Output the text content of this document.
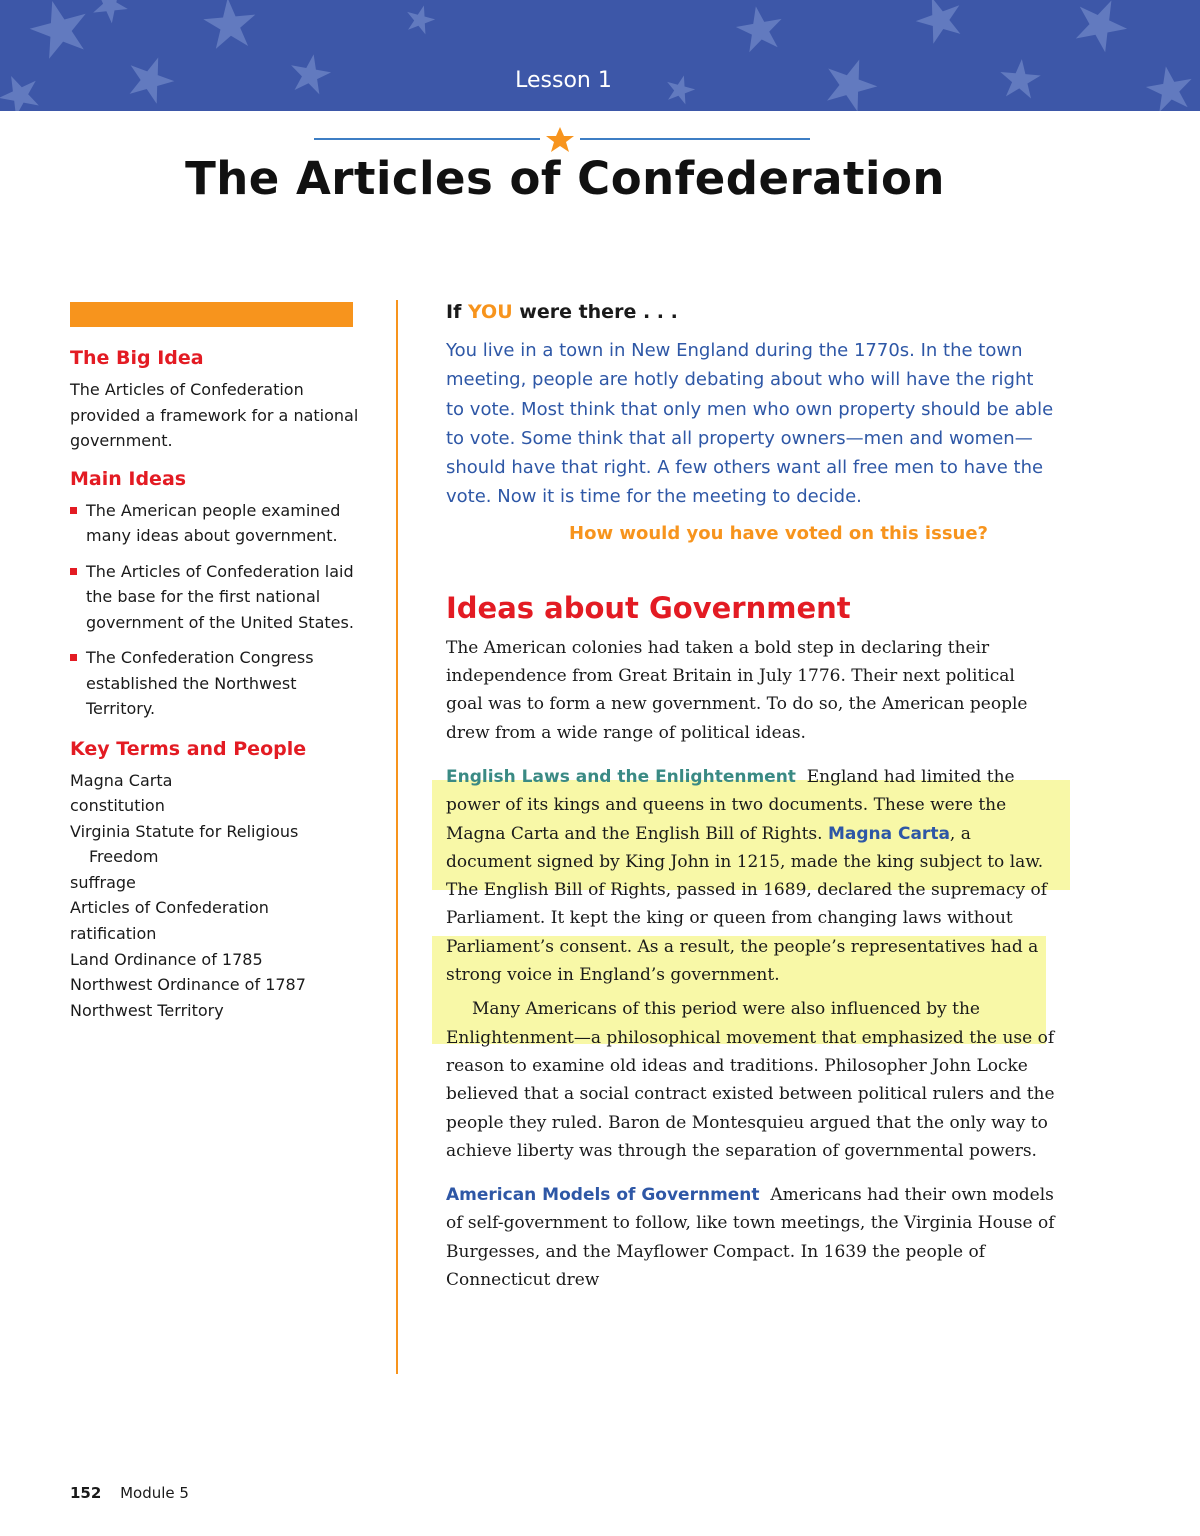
Lesson 1
The Articles of Confederation
The Big Idea

The Articles of Confederation provided a framework for a national government.

Main Ideas
The American people examined many ideas about government.
The Articles of Confederation laid the base for the first national government of the United States.
The Confederation Congress established the Northwest Territory.
Key Terms and People
Magna Carta
constitution
Virginia Statute for Religious
Freedom
suffrage
Articles of Confederation
ratification
Land Ordinance of 1785
Northwest Ordinance of 1787
Northwest Territory
If YOU were there . . .

You live in a town in New England during the 1770s. In the town meeting, people are hotly debating about who will have the right to vote. Most think that only men who own property should be able to vote. Some think that all property owners—men and women—should have that right. A few others want all free men to have the vote. Now it is time for the meeting to decide.

How would you have voted on this issue?

Ideas about Government

The American colonies had taken a bold step in declaring their independence from Great Britain in July 1776. Their next political goal was to form a new government. To do so, the American people drew from a wide range of political ideas.

English Laws and the Enlightenment England had limited the power of its kings and queens in two documents. These were the Magna Carta and the English Bill of Rights. Magna Carta, a document signed by King John in 1215, made the king subject to law. The English Bill of Rights, passed in 1689, declared the supremacy of Parliament. It kept the king or queen from changing laws without Parliament’s consent. As a result, the people’s representatives had a strong voice in England’s government.

Many Americans of this period were also influenced by the Enlightenment—a philosophical movement that emphasized the use of reason to examine old ideas and traditions. Philosopher John Locke believed that a social contract existed between political rulers and the people they ruled. Baron de Montesquieu argued that the only way to achieve liberty was through the separation of governmental powers.

American Models of Government Americans had their own models of self-government to follow, like town meetings, the Virginia House of Burgesses, and the Mayflower Compact. In 1639 the people of Connecticut drew

152 Module 5
